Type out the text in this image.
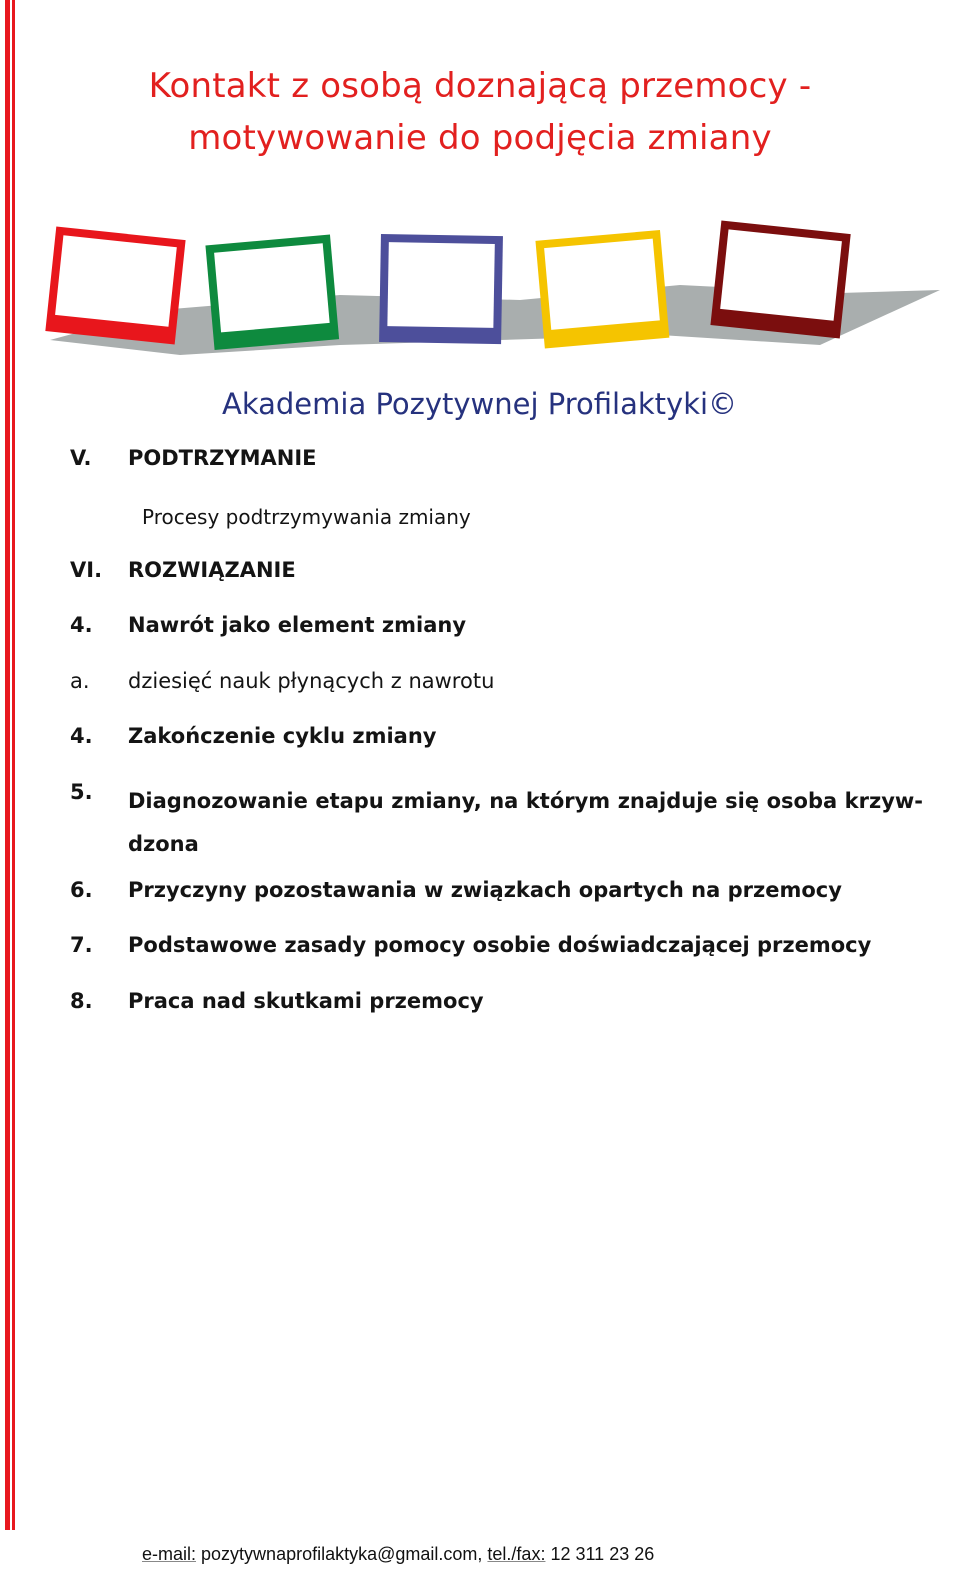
Kontakt z osobą doznającą przemocy -
motywowanie do podjęcia zmiany
Akademia Pozytywnej Profilaktyki©
V. PODTRZYMANIE
Procesy podtrzymywania zmiany
VI. ROZWIĄZANIE
4. Nawrót jako element zmiany
a. dziesięć nauk płynących z nawrotu
4. Zakończenie cyklu zmiany
5. Diagnozowanie etapu zmiany, na którym znajduje się osoba krzyw-dzona
6. Przyczyny pozostawania w związkach opartych na przemocy
7. Podstawowe zasady pomocy osobie doświadczającej przemocy
8. Praca nad skutkami przemocy
e-mail: pozytywnaprofilaktyka@gmail.com, tel./fax: 12 311 23 26
